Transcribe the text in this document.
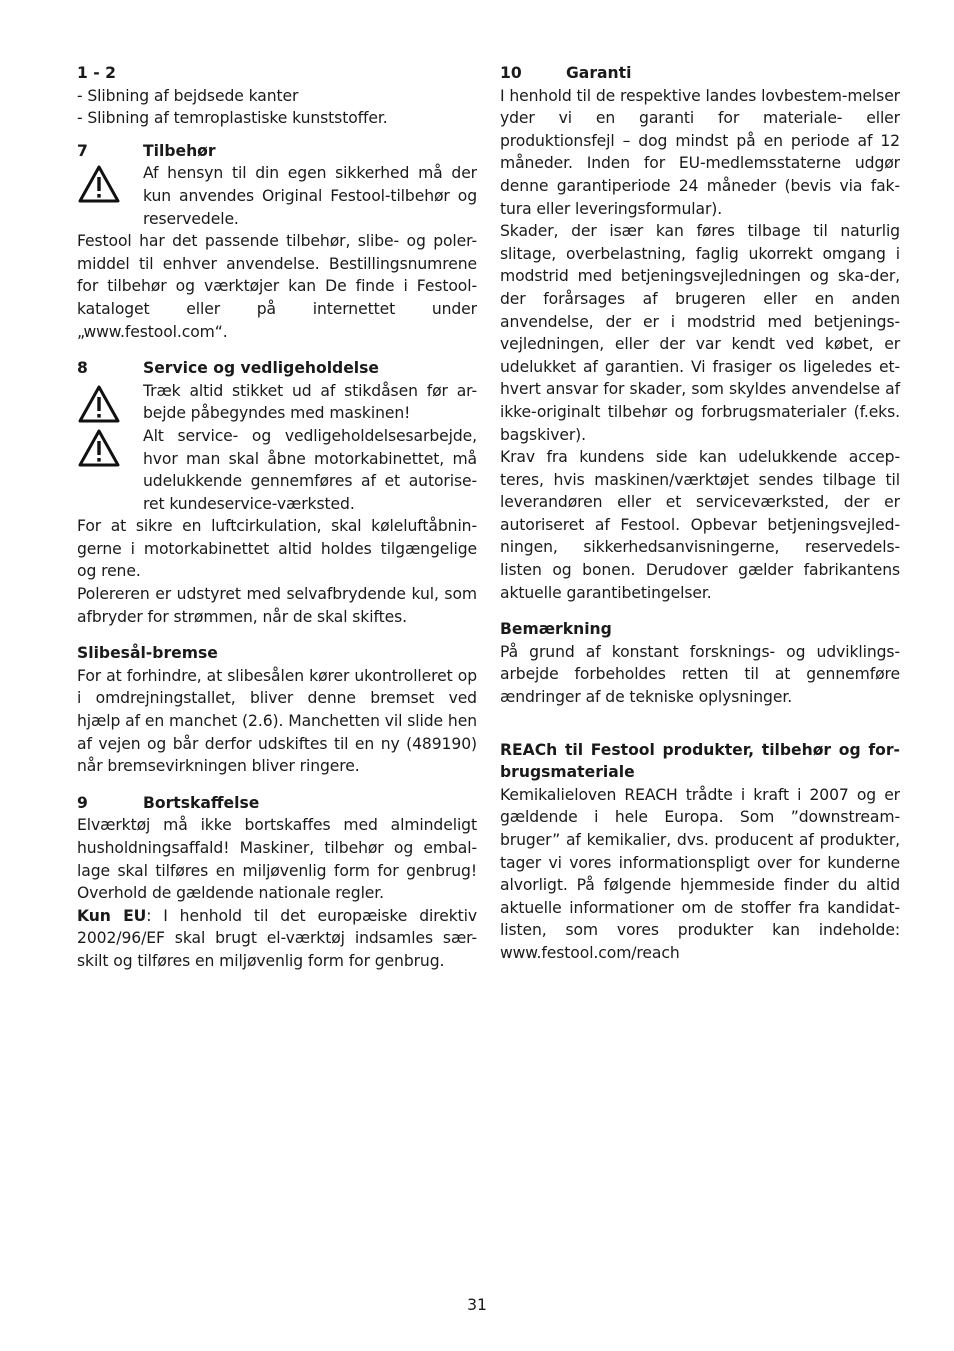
1 - 2

- Slibning af bejdsede kanter

- Slibning af temroplastiske kunststoffer.

7	Tilbehør

Af hensyn til din egen sikkerhed må der kun anvendes Original Festool-tilbehør og reservedele.

Festool har det passende tilbehør, slibe- og poler-middel til enhver anvendelse. Bestillingsnumrene for tilbehør og værktøjer kan De finde i Festool-kataloget eller på internettet under „www.festool.com“.

8	Service og vedligeholdelse

Træk altid stikket ud af stikdåsen før ar-bejde påbegyndes med maskinen!

Alt service- og vedligeholdelsesarbejde, hvor man skal åbne motorkabinettet, må udelukkende gennemføres af et autorise-ret kundeservice-værksted.

For at sikre en luftcirkulation, skal køleluftåbnin-gerne i motorkabinettet altid holdes tilgængelige og rene.

Polereren er udstyret med selvafbrydende kul, som afbryder for strømmen, når de skal skiftes.

Slibesål-bremse

For at forhindre, at slibesålen kører ukontrolleret op i omdrejningstallet, bliver denne bremset ved hjælp af en manchet (2.6). Manchetten vil slide hen af vejen og bår derfor udskiftes til en ny (489190) når bremsevirkningen bliver ringere.

9	Bortskaffelse

Elværktøj må ikke bortskaffes med almindeligt husholdningsaffald! Maskiner, tilbehør og embal-lage skal tilføres en miljøvenlig form for genbrug! Overhold de gældende nationale regler.

Kun EU: I henhold til det europæiske direktiv 2002/96/EF skal brugt el-værktøj indsamles sær-skilt og tilføres en miljøvenlig form for genbrug.

10	Garanti

I henhold til de respektive landes lovbestem-melser yder vi en garanti for materiale- eller produktionsfejl – dog mindst på en periode af 12 måneder. Inden for EU-medlemsstaterne udgør denne garantiperiode 24 måneder (bevis via fak-tura eller leveringsformular).

Skader, der især kan føres tilbage til naturlig slitage, overbelastning, faglig ukorrekt omgang i modstrid med betjeningsvejledningen og ska-der, der forårsages af brugeren eller en anden anvendelse, der er i modstrid med betjenings-vejledningen, eller der var kendt ved købet, er udelukket af garantien. Vi frasiger os ligeledes et-hvert ansvar for skader, som skyldes anvendelse af ikke-originalt tilbehør og forbrugsmaterialer (f.eks. bagskiver).

Krav fra kundens side kan udelukkende accep-teres, hvis maskinen/værktøjet sendes tilbage til leverandøren eller et serviceværksted, der er autoriseret af Festool. Opbevar betjeningsvejled-ningen, sikkerhedsanvisningerne, reservedels-listen og bonen. Derudover gælder fabrikantens aktuelle garantibetingelser.

Bemærkning

På grund af konstant forsknings- og udviklings-arbejde forbeholdes retten til at gennemføre ændringer af de tekniske oplysninger.

REACh til Festool produkter, tilbehør og for-brugsmateriale

Kemikalieloven REACH trådte i kraft i 2007 og er gældende i hele Europa. Som ”downstream-bruger” af kemikalier, dvs. producent af produkter, tager vi vores informationspligt over for kunderne alvorligt. På følgende hjemmeside finder du altid aktuelle informationer om de stoffer fra kandidat-listen, som vores produkter kan indeholde: www.festool.com/reach

31
